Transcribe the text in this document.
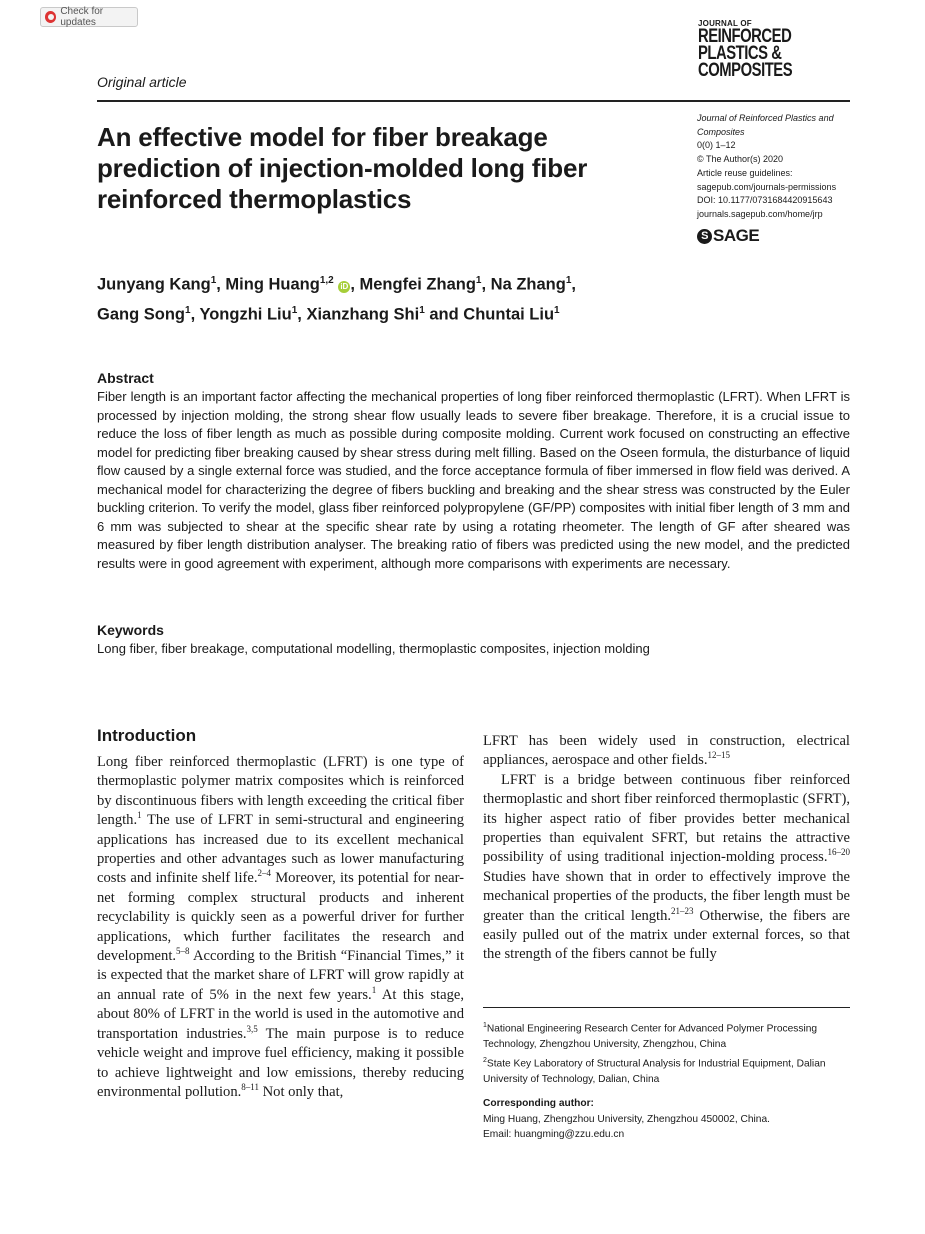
Check for updates	JOURNAL OF
REINFORCED
PLASTICS &
COMPOSITES
Original article
An effective model for fiber breakage prediction of injection-molded long fiber reinforced thermoplastics
Journal of Reinforced Plastics and
Composites
0(0) 1–12
© The Author(s) 2020
Article reuse guidelines:
sagepub.com/journals-permissions
DOI: 10.1177/0731684420915643
journals.sagepub.com/home/jrp
S SAGE
Junyang Kang$^1$, Ming Huang$^{1,2}$ iD , Mengfei Zhang$^1$, Na Zhang$^1$,
Gang Song$^1$, Yongzhi Liu$^1$, Xianzhang Shi$^1$ and Chuntai Liu$^1$
Abstract

Fiber length is an important factor affecting the mechanical properties of long fiber reinforced thermoplastic (LFRT). When LFRT is processed by injection molding, the strong shear flow usually leads to severe fiber breakage. Therefore, it is a crucial issue to reduce the loss of fiber length as much as possible during composite molding. Current work focused on constructing an effective model for predicting fiber breaking caused by shear stress during melt filling. Based on the Oseen formula, the disturbance of liquid flow caused by a single external force was studied, and the force acceptance formula of fiber immersed in flow field was derived. A mechanical model for characterizing the degree of fibers buckling and breaking and the shear stress was constructed by the Euler buckling criterion. To verify the model, glass fiber reinforced polypropylene (GF/PP) composites with initial fiber length of 3 mm and 6 mm was subjected to shear at the specific shear rate by using a rotating rheometer. The length of GF after sheared was measured by fiber length distribution analyser. The breaking ratio of fibers was predicted using the new model, and the predicted results were in good agreement with experiment, although more comparisons with experiments are necessary.

Keywords
Long fiber, fiber breakage, computational modelling, thermoplastic composites, injection molding
Introduction

Long fiber reinforced thermoplastic (LFRT) is one type of thermoplastic polymer matrix composites which is reinforced by discontinuous fibers with length exceeding the critical fiber length.$^1$ The use of LFRT in semi-structural and engineering applications has increased due to its excellent mechanical properties and other advantages such as lower manufacturing costs and infinite shelf life.$^{2-4}$ Moreover, its potential for near-net forming complex structural products and inherent recyclability is quickly seen as a powerful driver for further applications, which further facilitates the research and development.$^{5-8}$ According to the British “Financial Times,” it is expected that the market share of LFRT will grow rapidly at an annual rate of 5% in the next few years.$^1$ At this stage, about 80% of LFRT in the world is used in the automotive and transportation industries.$^{3,5}$ The main purpose is to reduce vehicle weight and improve fuel efficiency, making it possible to achieve lightweight and low emissions, thereby reducing environmental pollution.$^{8-11}$ Not only that,

LFRT has been widely used in construction, electrical appliances, aerospace and other fields.$^{12-15}$
LFRT is a bridge between continuous fiber reinforced thermoplastic and short fiber reinforced thermoplastic (SFRT), its higher aspect ratio of fiber provides better mechanical properties than equivalent SFRT, but retains the attractive possibility of using traditional injection-molding process.$^{16-20}$ Studies have shown that in order to effectively improve the mechanical properties of the products, the fiber length must be greater than the critical length.$^{21-23}$ Otherwise, the fibers are easily pulled out of the matrix under external forces, so that the strength of the fibers cannot be fully
$^1$National Engineering Research Center for Advanced Polymer Processing Technology, Zhengzhou University, Zhengzhou, China
$^2$State Key Laboratory of Structural Analysis for Industrial Equipment, Dalian University of Technology, Dalian, China
Corresponding author:
Ming Huang, Zhengzhou University, Zhengzhou 450002, China.
Email: huangming@zzu.edu.cn
